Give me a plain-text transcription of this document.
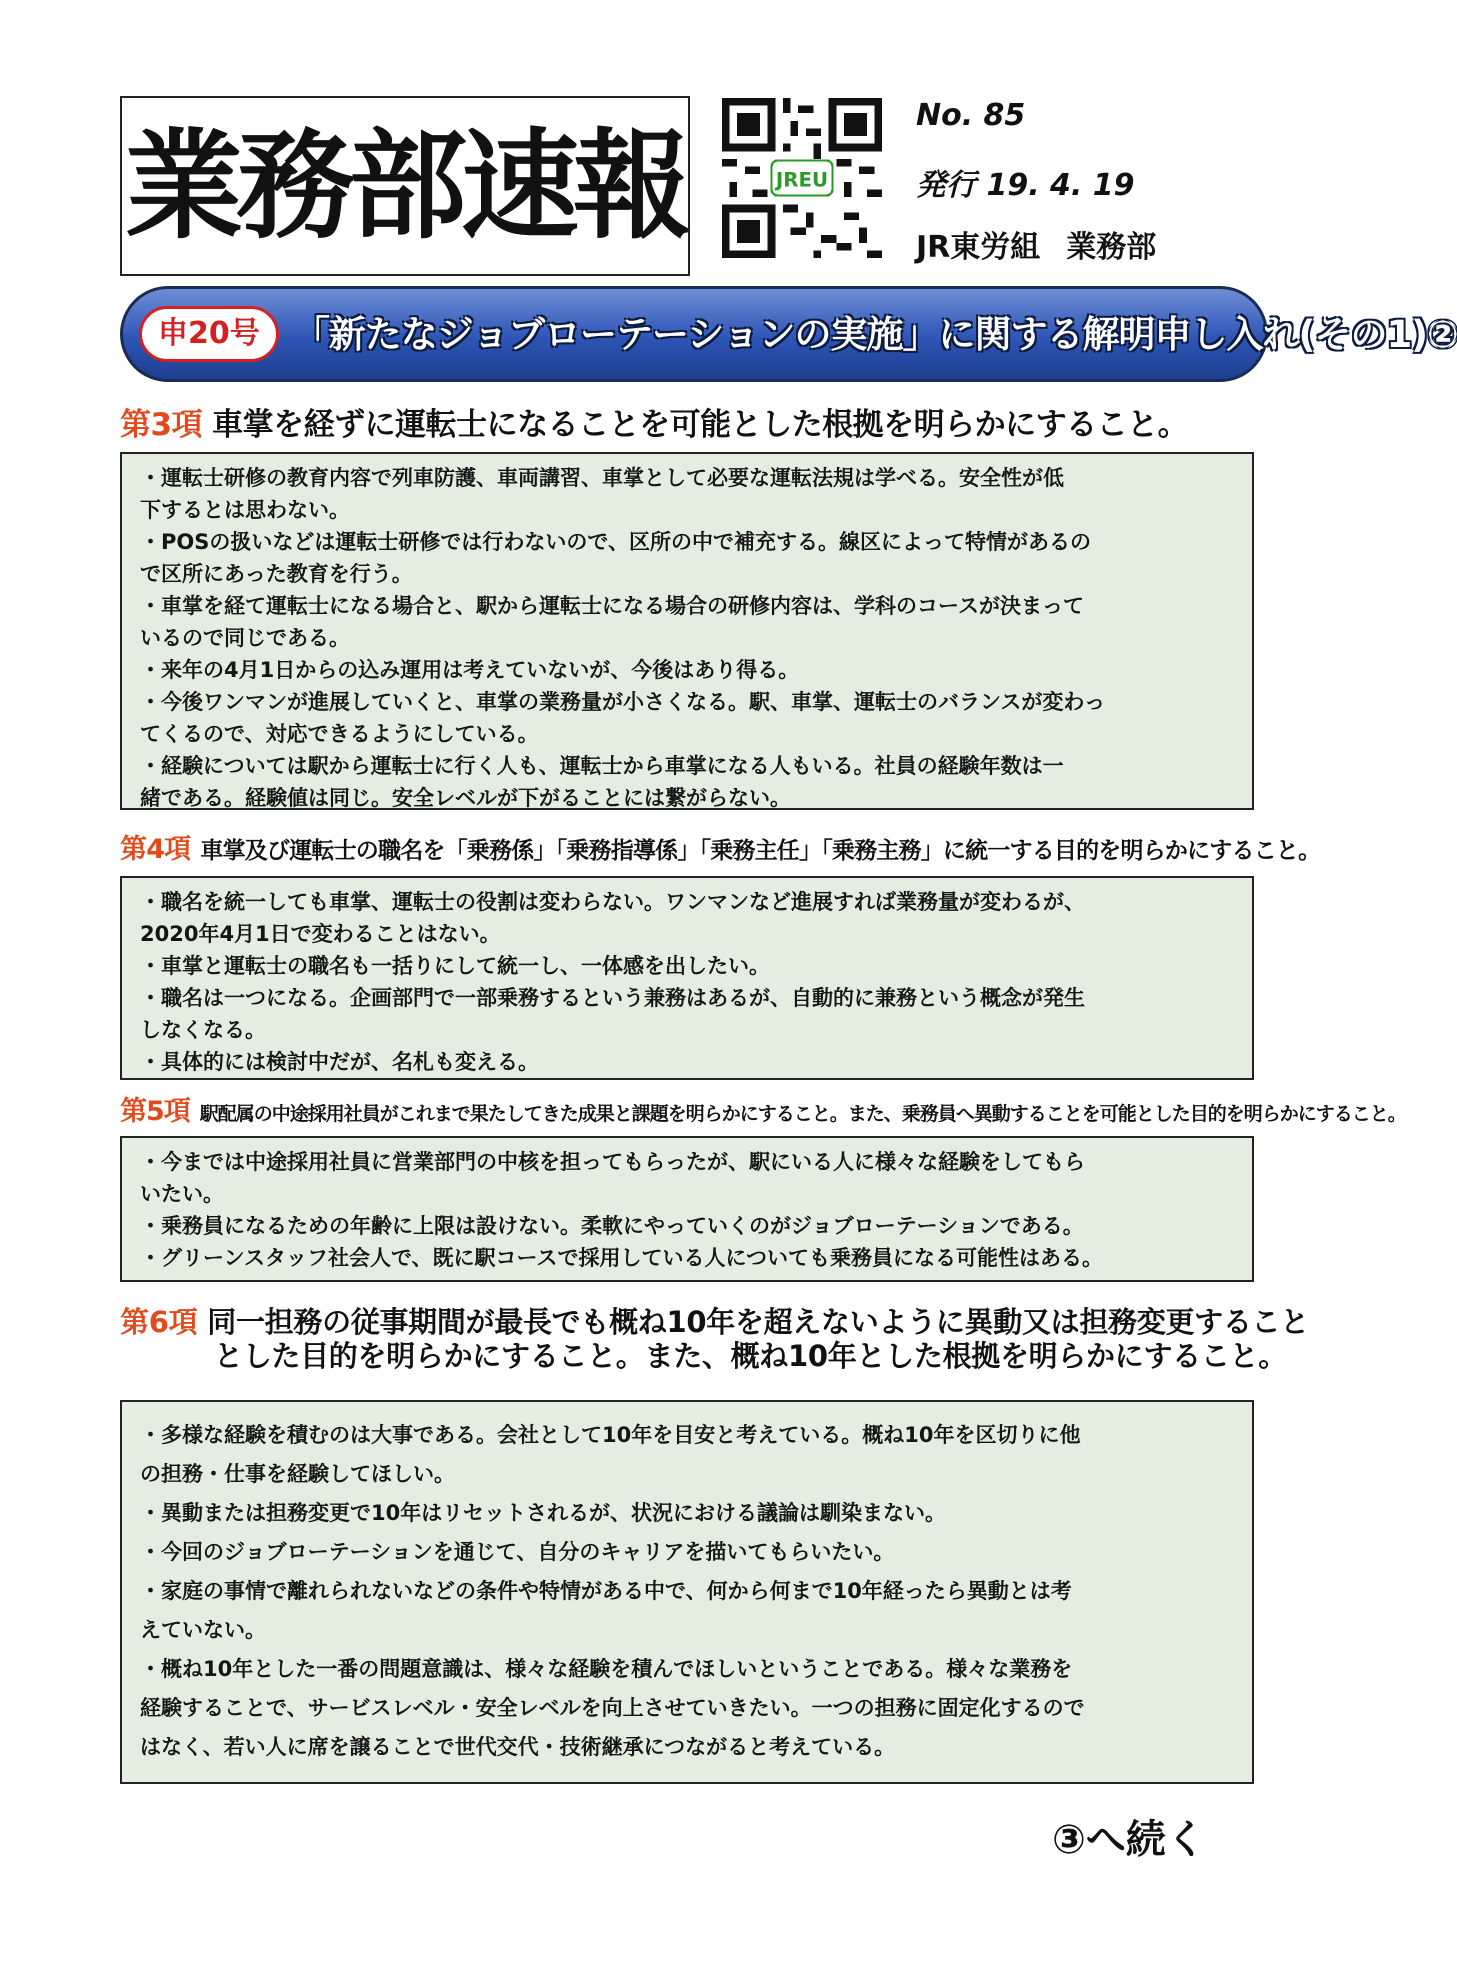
業務部速報	JREU
No. 85
発行 19. 4. 19
JR東労組 業務部
申20号 「新たなジョブローテーションの実施」に関する解明申し入れ(その1)②
第3項 車掌を経ずに運転士になることを可能とした根拠を明らかにすること。

・運転士研修の教育内容で列車防護、車両講習、車掌として必要な運転法規は学べる。安全性が低

下するとは思わない。

・POSの扱いなどは運転士研修では行わないので、区所の中で補充する。線区によって特情があるの

で区所にあった教育を行う。

・車掌を経て運転士になる場合と、駅から運転士になる場合の研修内容は、学科のコースが決まって

いるので同じである。

・来年の4月1日からの込み運用は考えていないが、今後はあり得る。

・今後ワンマンが進展していくと、車掌の業務量が小さくなる。駅、車掌、運転士のバランスが変わっ

てくるので、対応できるようにしている。

・経験については駅から運転士に行く人も、運転士から車掌になる人もいる。社員の経験年数は一

緒である。経験値は同じ。安全レベルが下がることには繋がらない。

第4項 車掌及び運転士の職名を「乗務係」「乗務指導係」「乗務主任」「乗務主務」に統一する目的を明らかにすること。

・職名を統一しても車掌、運転士の役割は変わらない。ワンマンなど進展すれば業務量が変わるが、

2020年4月1日で変わることはない。

・車掌と運転士の職名も一括りにして統一し、一体感を出したい。

・職名は一つになる。企画部門で一部乗務するという兼務はあるが、自動的に兼務という概念が発生

しなくなる。

・具体的には検討中だが、名札も変える。

第5項 駅配属の中途採用社員がこれまで果たしてきた成果と課題を明らかにすること。また、乗務員へ異動することを可能とした目的を明らかにすること。

・今までは中途採用社員に営業部門の中核を担ってもらったが、駅にいる人に様々な経験をしてもら

いたい。

・乗務員になるための年齢に上限は設けない。柔軟にやっていくのがジョブローテーションである。

・グリーンスタッフ社会人で、既に駅コースで採用している人についても乗務員になる可能性はある。

第6項 同一担務の従事期間が最長でも概ね10年を超えないように異動又は担務変更すること
とした目的を明らかにすること。また、概ね10年とした根拠を明らかにすること。

・多様な経験を積むのは大事である。会社として10年を目安と考えている。概ね10年を区切りに他

の担務・仕事を経験してほしい。

・異動または担務変更で10年はリセットされるが、状況における議論は馴染まない。

・今回のジョブローテーションを通じて、自分のキャリアを描いてもらいたい。

・家庭の事情で離れられないなどの条件や特情がある中で、何から何まで10年経ったら異動とは考

えていない。

・概ね10年とした一番の問題意識は、様々な経験を積んでほしいということである。様々な業務を

経験することで、サービスレベル・安全レベルを向上させていきたい。一つの担務に固定化するので

はなく、若い人に席を譲ることで世代交代・技術継承につながると考えている。

③へ続く
